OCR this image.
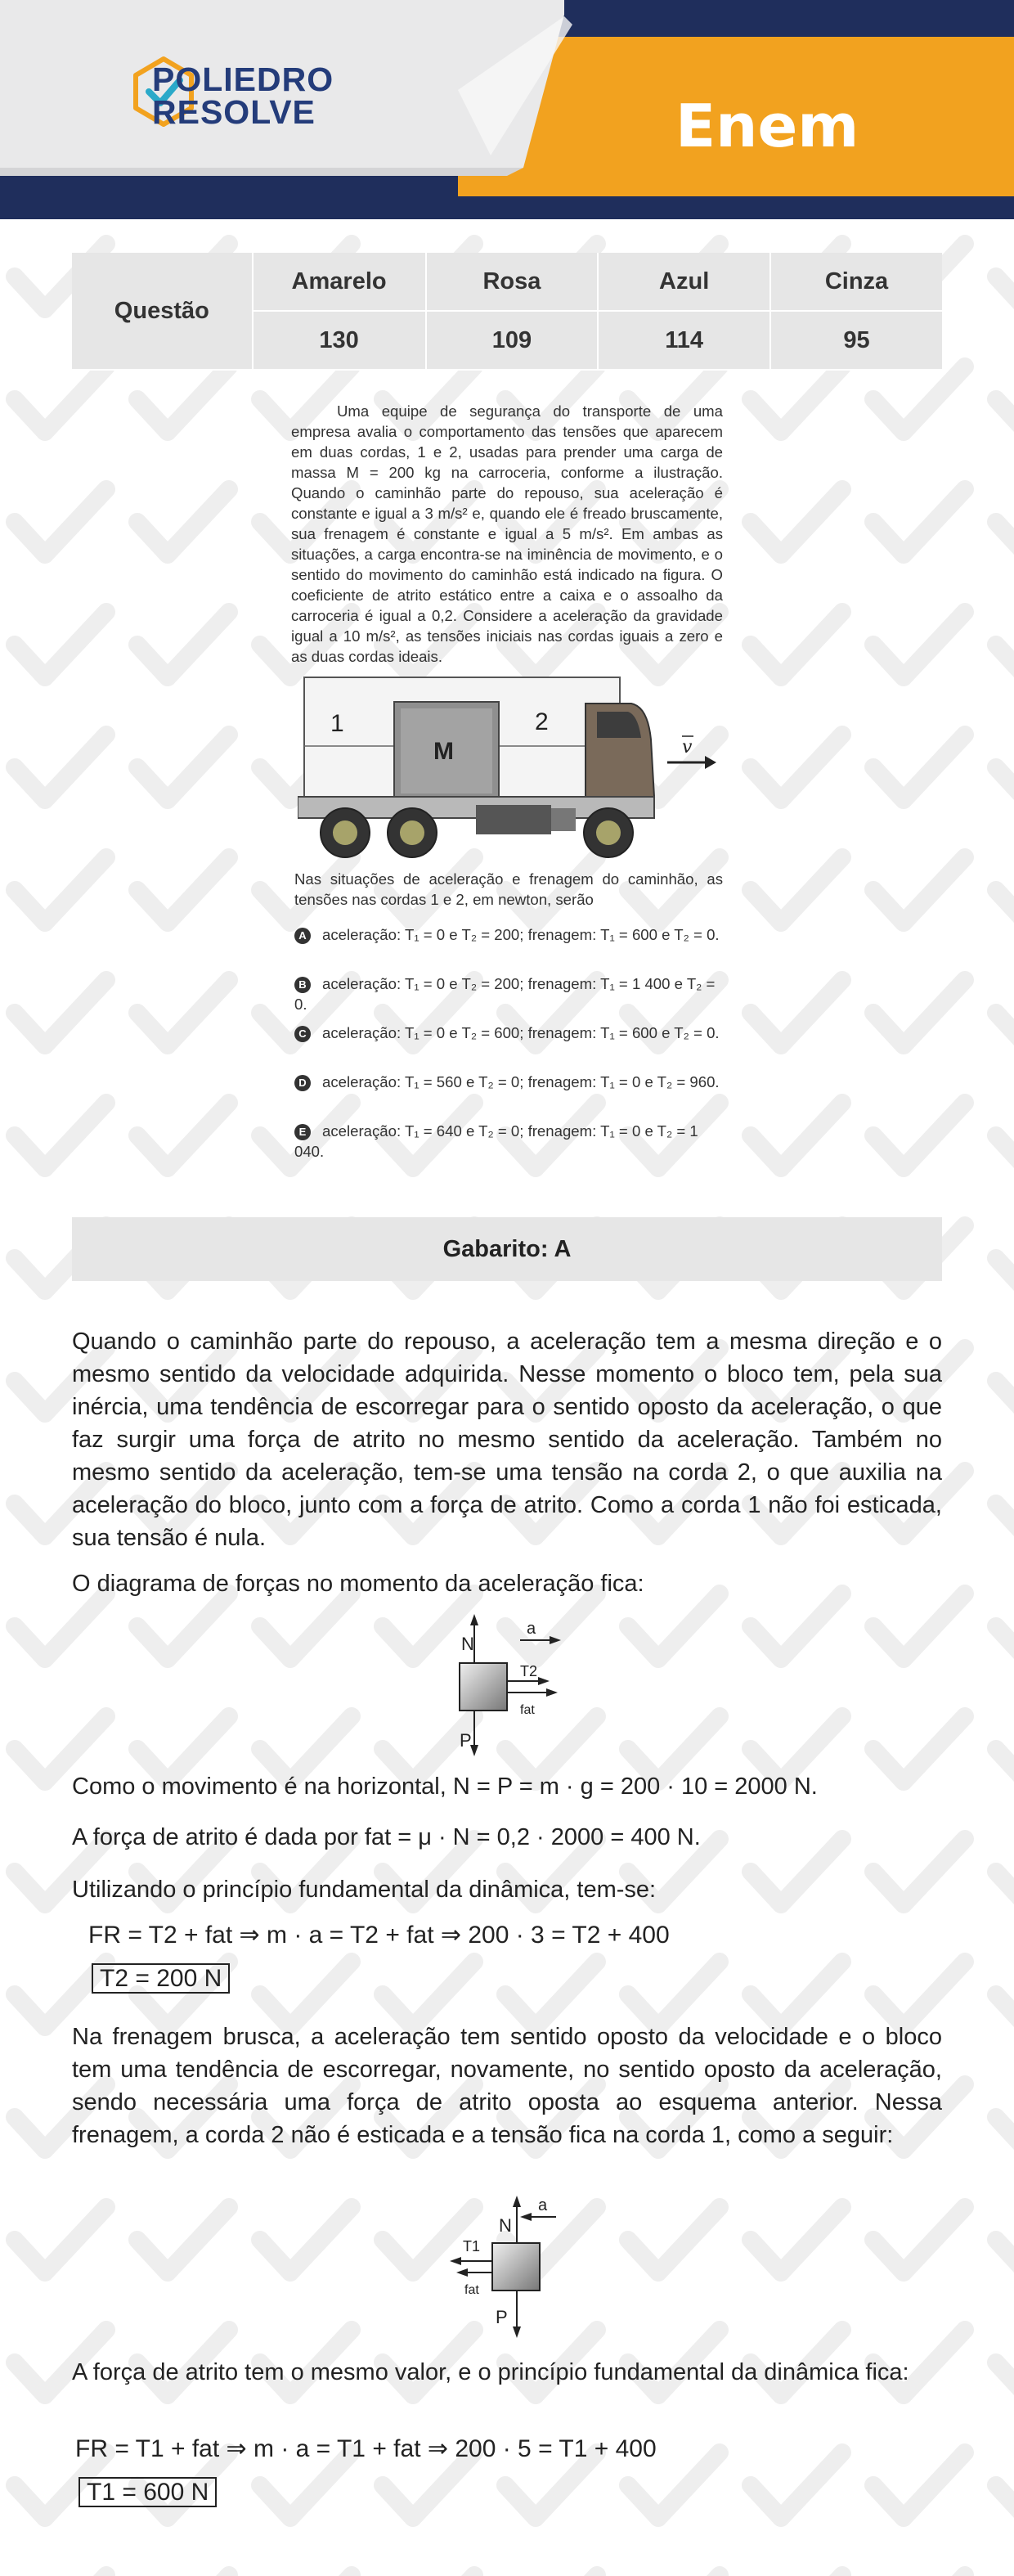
POLIEDRO
RESOLVE	Enem
Questão	Amarelo	Rosa	Azul	Cinza
	130	109	114	95

Uma equipe de segurança do transporte de uma empresa avalia o comportamento das tensões que aparecem em duas cordas, 1 e 2, usadas para prender uma carga de massa M = 200 kg na carroceria, conforme a ilustração. Quando o caminhão parte do repouso, sua aceleração é constante e igual a 3 m/s² e, quando ele é freado bruscamente, sua frenagem é constante e igual a 5 m/s². Em ambas as situações, a carga encontra-se na iminência de movimento, e o sentido do movimento do caminhão está indicado na figura. O coeficiente de atrito estático entre a caixa e o assoalho da carroceria é igual a 0,2. Considere a aceleração da gravidade igual a 10 m/s², as tensões iniciais nas cordas iguais a zero e as duas cordas ideais.

1	2
M	v

Nas situações de aceleração e frenagem do caminhão, as tensões nas cordas 1 e 2, em newton, serão

A aceleração: T₁ = 0 e T₂ = 200; frenagem: T₁ = 600 e T₂ = 0.
B aceleração: T₁ = 0 e T₂ = 200; frenagem: T₁ = 1 400 e T₂ = 0.
C aceleração: T₁ = 0 e T₂ = 600; frenagem: T₁ = 600 e T₂ = 0.
D aceleração: T₁ = 560 e T₂ = 0; frenagem: T₁ = 0 e T₂ = 960.
E aceleração: T₁ = 640 e T₂ = 0; frenagem: T₁ = 0 e T₂ = 1 040.
Gabarito: A

Quando o caminhão parte do repouso, a aceleração tem a mesma direção e o mesmo sentido da velocidade adquirida. Nesse momento o bloco tem, pela sua inércia, uma tendência de escorregar para o sentido oposto da aceleração, o que faz surgir uma força de atrito no mesmo sentido da aceleração. Também no mesmo sentido da aceleração, tem-se uma tensão na corda 2, o que auxilia na aceleração do bloco, junto com a força de atrito. Como a corda 1 não foi esticada, sua tensão é nula.

O diagrama de forças no momento da aceleração fica:
N
P
a
T2
fat
Como o movimento é na horizontal, N = P = m · g = 200 · 10 = 2000 N.
A força de atrito é dada por fat = μ · N = 0,2 · 2000 = 400 N.
Utilizando o princípio fundamental da dinâmica, tem-se:
FR = T2 + fat ⇒ m · a = T2 + fat ⇒ 200 · 3 = T2 + 400
T2 = 200 N

Na frenagem brusca, a aceleração tem sentido oposto da velocidade e o bloco tem uma tendência de escorregar, novamente, no sentido oposto da aceleração, sendo necessária uma força de atrito oposta ao esquema anterior. Nessa frenagem, a corda 2 não é esticada e a tensão fica na corda 1, como a seguir:

N
P
a
T1
fat

A força de atrito tem o mesmo valor, e o princípio fundamental da dinâmica fica:

FR = T1 + fat ⇒ m · a = T1 + fat ⇒ 200 · 5 = T1 + 400
T1 = 600 N
